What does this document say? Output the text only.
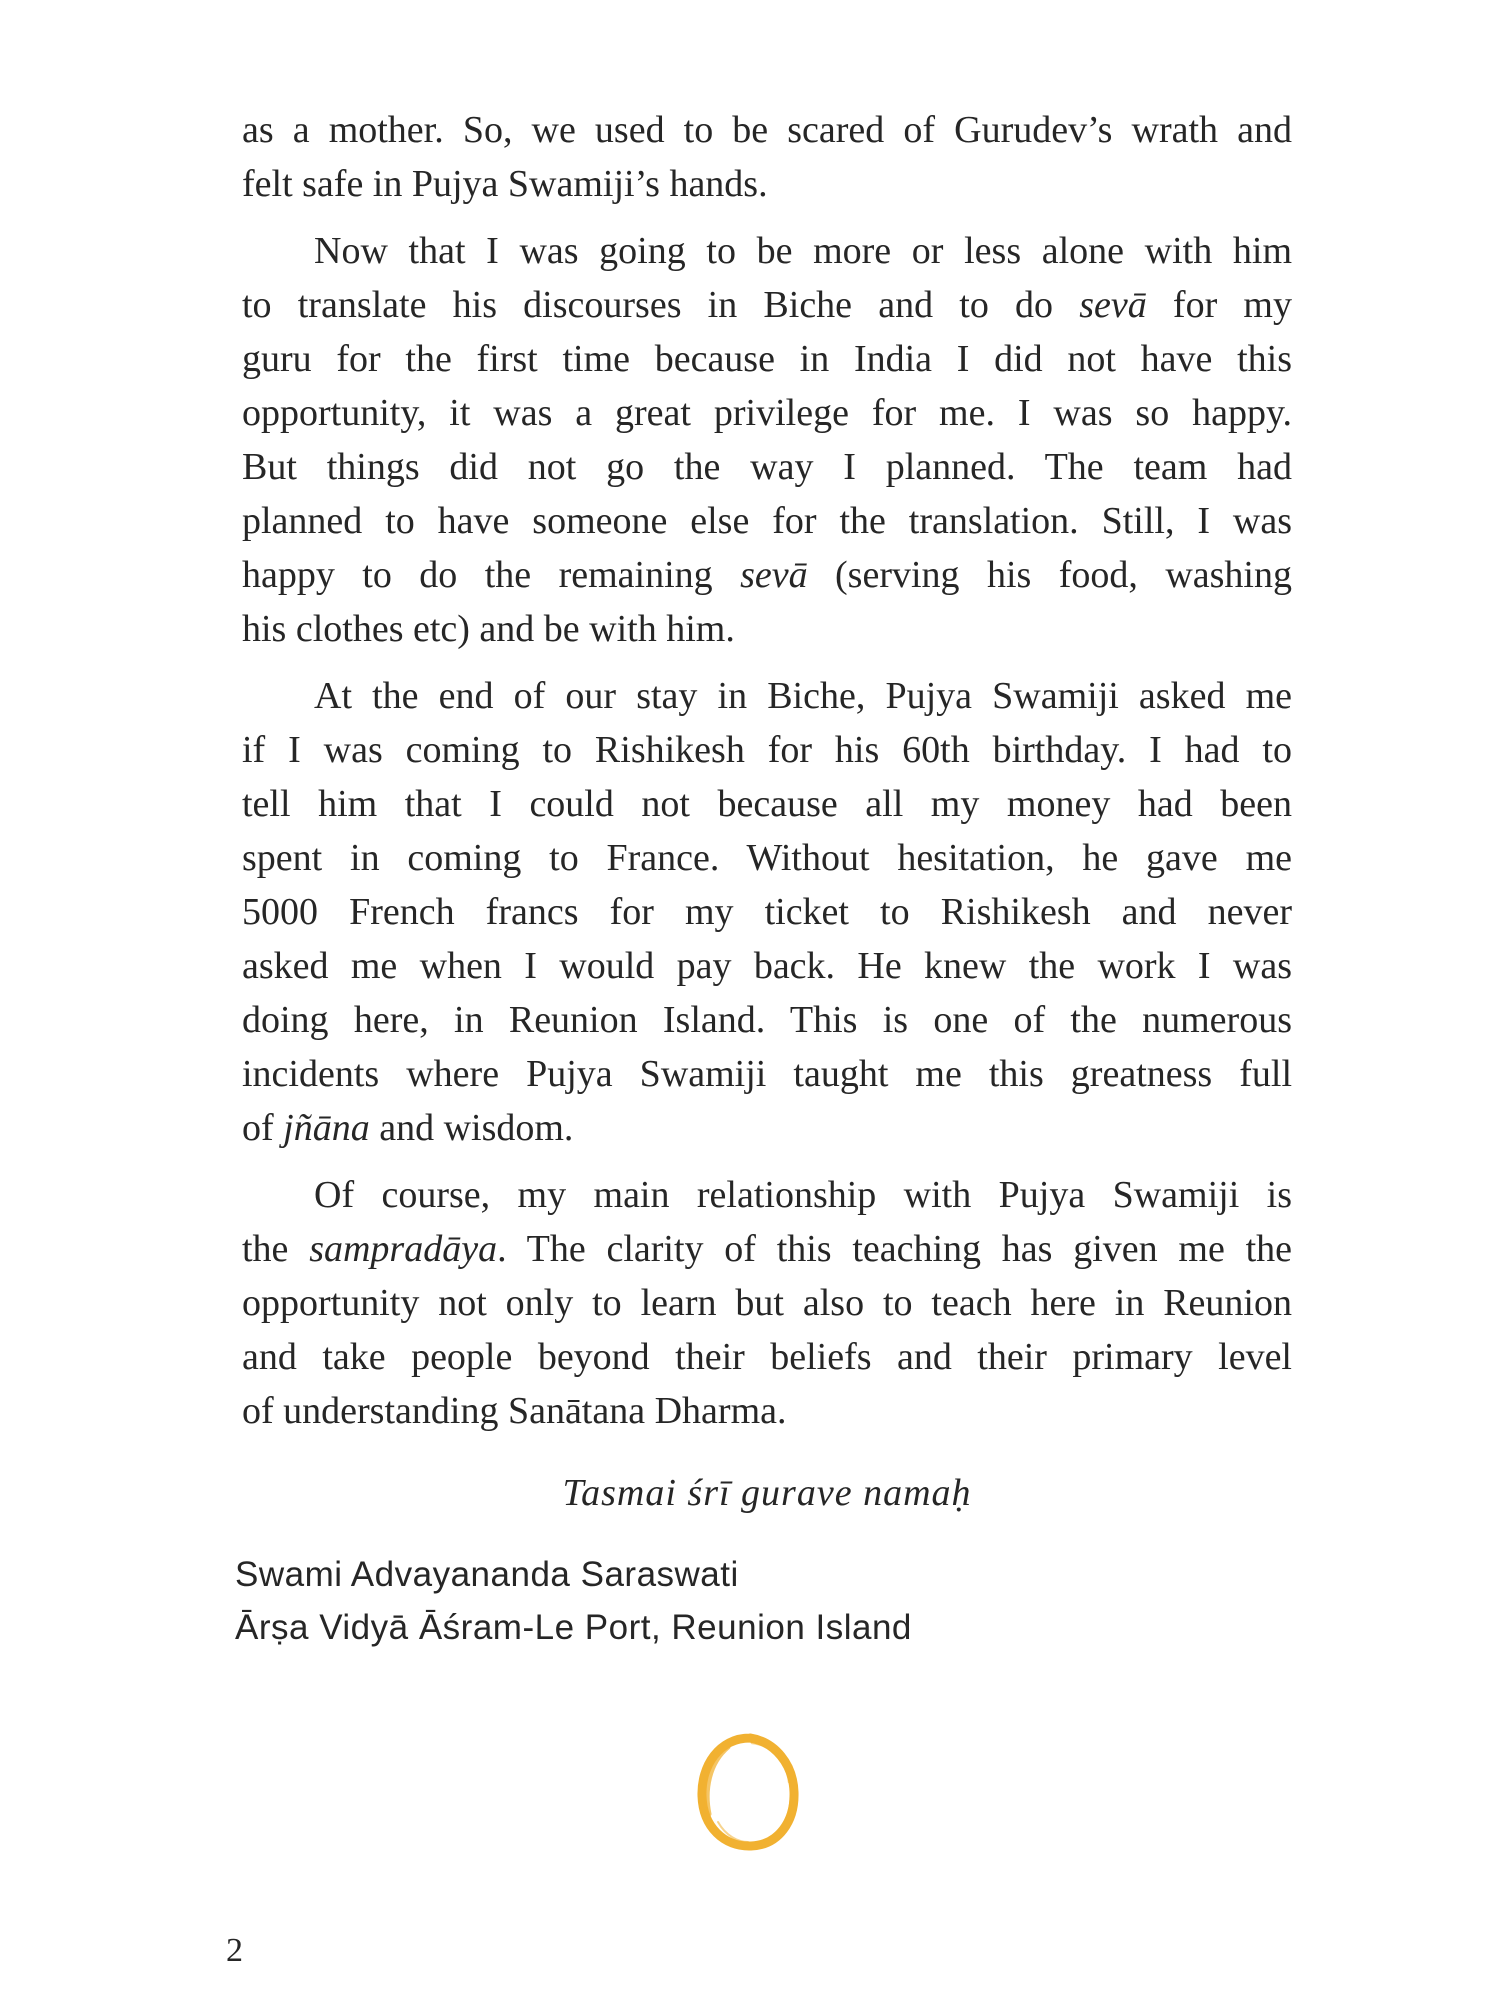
as a mother. So, we used to be scared of Gurudev’s wrath and
felt safe in Pujya Swamiji’s hands.
Now that I was going to be more or less alone with him
to translate his discourses in Biche and to do sevā for my
guru for the first time because in India I did not have this
opportunity, it was a great privilege for me. I was so happy.
But things did not go the way I planned. The team had
planned to have someone else for the translation. Still, I was
happy to do the remaining sevā (serving his food, washing
his clothes etc) and be with him.
At the end of our stay in Biche, Pujya Swamiji asked me
if I was coming to Rishikesh for his 60th birthday. I had to
tell him that I could not because all my money had been
spent in coming to France. Without hesitation, he gave me
5000 French francs for my ticket to Rishikesh and never
asked me when I would pay back. He knew the work I was
doing here, in Reunion Island. This is one of the numerous
incidents where Pujya Swamiji taught me this greatness full
of jñāna and wisdom.
Of course, my main relationship with Pujya Swamiji is
the sampradāya. The clarity of this teaching has given me the
opportunity not only to learn but also to teach here in Reunion
and take people beyond their beliefs and their primary level
of understanding Sanātana Dharma.
Tasmai śrī gurave namaḥ
Swami Advayananda Saraswati
Ārṣa Vidyā Āśram-Le Port, Reunion Island
2
